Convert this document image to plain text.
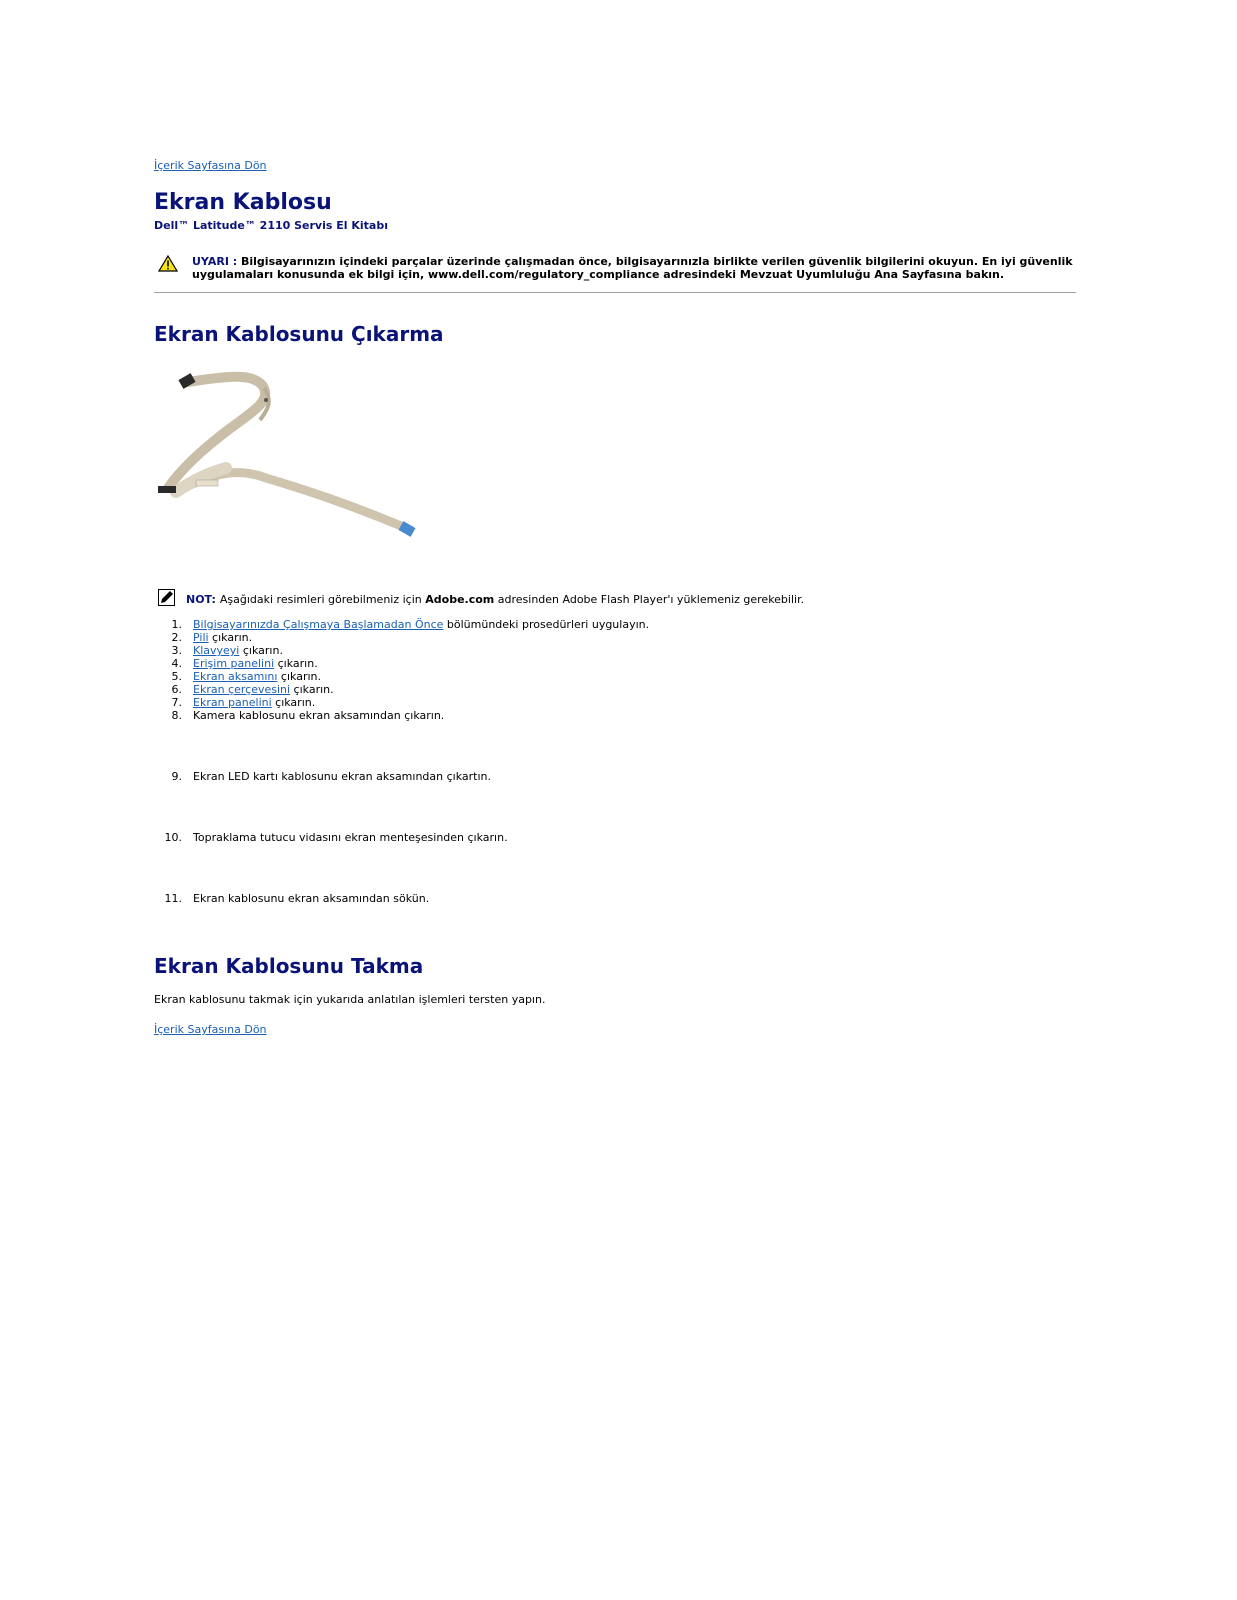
İçerik Sayfasına Dön
Ekran Kablosu
Dell™ Latitude™ 2110 Servis El Kitabı
UYARI : Bilgisayarınızın içindeki parçalar üzerinde çalışmadan önce, bilgisayarınızla birlikte verilen güvenlik bilgilerini okuyun. En iyi güvenlik uygulamaları konusunda ek bilgi için, www.dell.com/regulatory_compliance adresindeki Mevzuat Uyumluluğu Ana Sayfasına bakın.
Ekran Kablosunu Çıkarma
NOT: Aşağıdaki resimleri görebilmeniz için
Adobe.com
adresinden Adobe Flash Player'ı yüklemeniz gerekebilir.
1. Bilgisayarınızda Çalışmaya Başlamadan Önce bölümündeki prosedürleri uygulayın.
2. Pili çıkarın.
3. Klavyeyi çıkarın.
4. Erişim panelini çıkarın.
5. Ekran aksamını çıkarın.
6. Ekran çerçevesini çıkarın.
7. Ekran panelini çıkarın.
8. Kamera kablosunu ekran aksamından çıkarın.
9. Ekran LED kartı kablosunu ekran aksamından çıkartın.
10. Topraklama tutucu vidasını ekran menteşesinden çıkarın.
11. Ekran kablosunu ekran aksamından sökün.
Ekran Kablosunu Takma
Ekran kablosunu takmak için yukarıda anlatılan işlemleri tersten yapın.
İçerik Sayfasına Dön
